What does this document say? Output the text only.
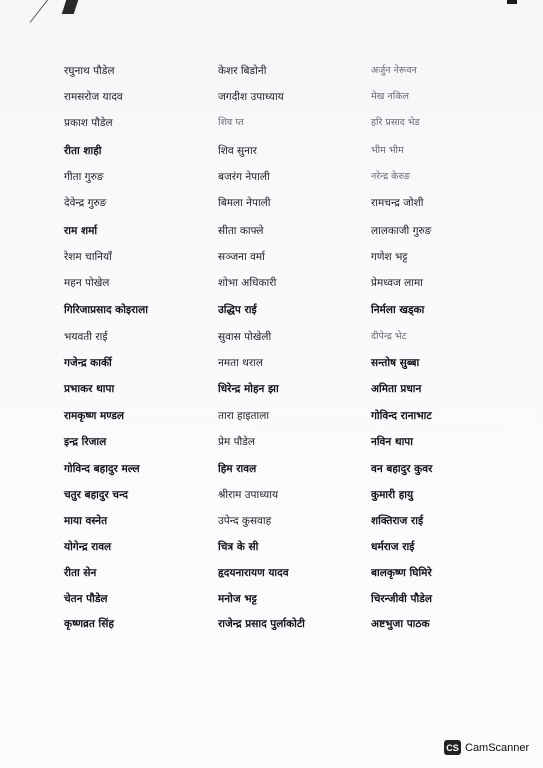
रघुनाथ पौडेल
रामसरोज यादव
प्रकाश पौडेल
रीता शाही
गीता गुरुङ
देवेन्द्र गुरुङ
राम शर्मा
रेशम चानियाँ
महन पोखेल
गिरिजाप्रसाद कोइराला
भयवती राई
गजेन्द्र कार्की
प्रभाकर थापा
रामकृष्ण मण्डल
इन्द्र रिजाल
गोविन्द बहादुर मल्ल
चतुर बहादुर चन्द
माया वस्नेत
योगेन्द्र रावल
रीता सेन
चेतन पौडेल
कृष्णव्रत सिंह
केशर बिडोनी
जगदीश उपाध्याय
शिव प्त
शिव सुनार
बजरंग नेपाली
बिमला नेपाली
सीता काफ्ले
सञ्जना वर्मा
शोभा अधिकारी
उद्धिप राई
सुवास पोखेली
नमता थराल
धिरेन्द्र मोहन झा
तारा हाइताला
प्रेम पौडेल
हिम रावल
श्रीराम उपाध्याय
उपेन्द कुसवाह
चित्र के सी
हृदयनारायण यादव
मनोज भट्ट
राजेन्द्र प्रसाद पुर्लाकोटी
अर्जुन नेरूवन
मेख नकिल
हरि प्रसाद भेड
भीम भीम
नरेन्द्र केरुङ
रामचन्द्र जोशी
लालकाजी गुरुङ
गणेश भट्ट
प्रेमध्वज लामा
निर्मला खड्का
दीपेन्द्र भेट
सन्तोष सुब्बा
अमिता प्रधान
गोविन्द रानाभाट
नविन थापा
वन बहादुर कुवर
कुमारी हायु
शक्तिराज राई
धर्मराज राई
बालकृष्ण घिमिरे
चिरन्जीवी पौडेल
अष्टभुजा पाठक
CS CamScanner
